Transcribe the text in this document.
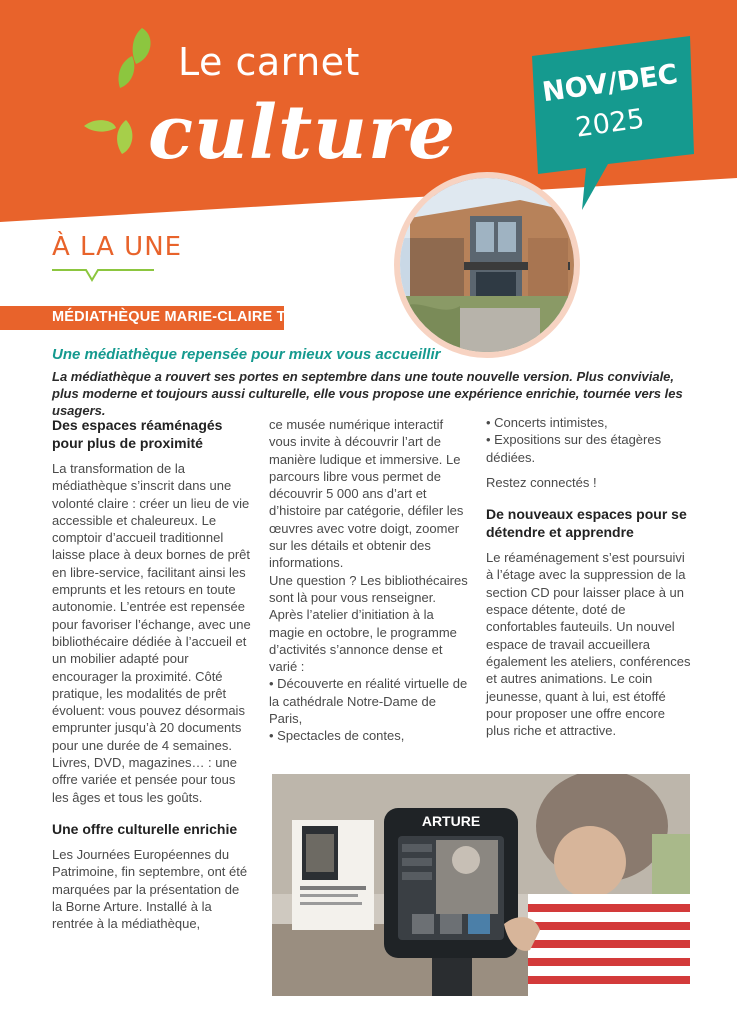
Le carnet
culture
NOV/DEC
2025
À LA UNE
MÉDIATHÈQUE MARIE-CLAIRE TIHON
Une médiathèque repensée pour mieux vous accueillir
La médiathèque a rouvert ses portes en septembre dans une toute nouvelle version. Plus conviviale, plus moderne et toujours aussi culturelle, elle vous propose une expérience enrichie, tournée vers les usagers.
Des espaces réaménagés pour plus de proximité

La transformation de la médiathèque s’inscrit dans une volonté claire : créer un lieu de vie accessible et chaleureux. Le comptoir d’accueil traditionnel laisse place à deux bornes de prêt en libre-service, facilitant ainsi les emprunts et les retours en toute autonomie. L’entrée est repensée pour favoriser l’échange, avec une bibliothécaire dédiée à l’accueil et un mobilier adapté pour encourager la proximité. Côté pratique, les modalités de prêt évoluent: vous pouvez désormais emprunter jusqu’à 20 documents pour une durée de 4 semaines. Livres, DVD, magazines… : une offre variée et pensée pour tous les âges et tous les goûts.

Une offre culturelle enrichie

Les Journées Européennes du Patrimoine, fin septembre, ont été marquées par la présentation de la Borne Arture. Installé à la rentrée à la médiathèque,

ce musée numérique interactif vous invite à découvrir l’art de manière ludique et immersive. Le parcours libre vous permet de découvrir 5 000 ans d’art et d’histoire par catégorie, défiler les œuvres avec votre doigt, zoomer sur les détails et obtenir des informations.

Une question ? Les bibliothécaires sont là pour vous renseigner.

Après l’atelier d’initiation à la magie en octobre, le programme d’activités s’annonce dense et varié :

• Découverte en réalité virtuelle de la cathédrale Notre-Dame de Paris,

• Spectacles de contes,

• Concerts intimistes,

• Expositions sur des étagères dédiées.

Restez connectés !

De nouveaux espaces pour se détendre et apprendre

Le réaménagement s’est poursuivi à l’étage avec la suppression de la section CD pour laisser place à un espace détente, doté de confortables fauteuils. Un nouvel espace de travail accueillera également les ateliers, conférences et autres animations. Le coin jeunesse, quant à lui, est étoffé pour proposer une offre encore plus riche et attractive.

ARTURE
